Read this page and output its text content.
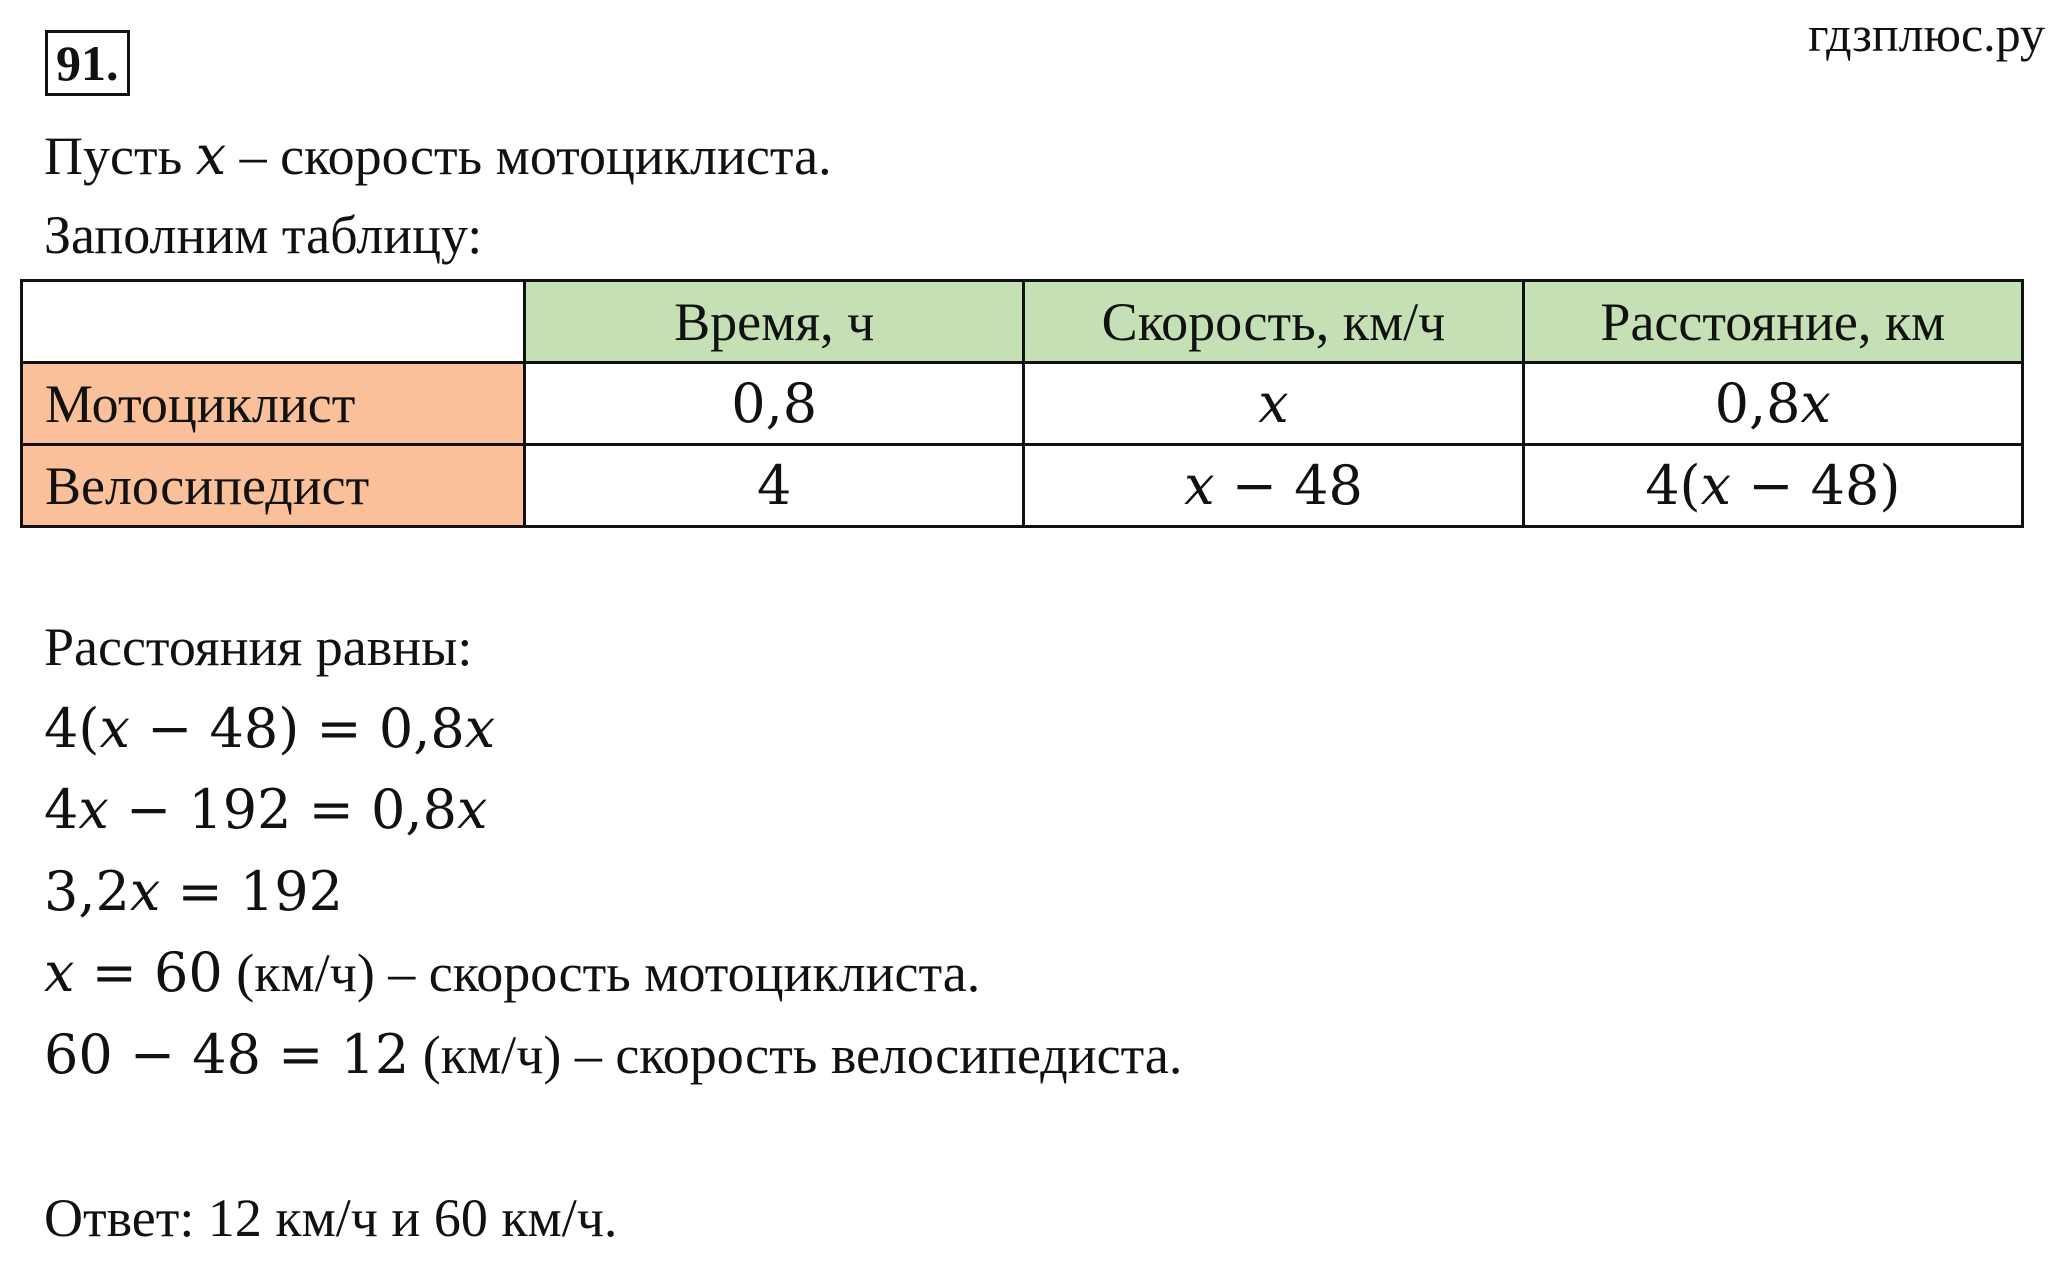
91.
гдзплюс.ру
Пусть x – скорость мотоциклиста.
Заполним таблицу:
	Время, ч	Скорость, км/ч	Расстояние, км
Мотоциклист	0,8	x	0,8x
Велосипедист	4	x − 48	4(x − 48)
Расстояния равны:
4(x − 48) = 0,8x
4x − 192 = 0,8x
3,2x = 192
x = 60 (км/ч) – скорость мотоциклиста.
60 − 48 = 12 (км/ч) – скорость велосипедиста.
Ответ: 12 км/ч и 60 км/ч.
